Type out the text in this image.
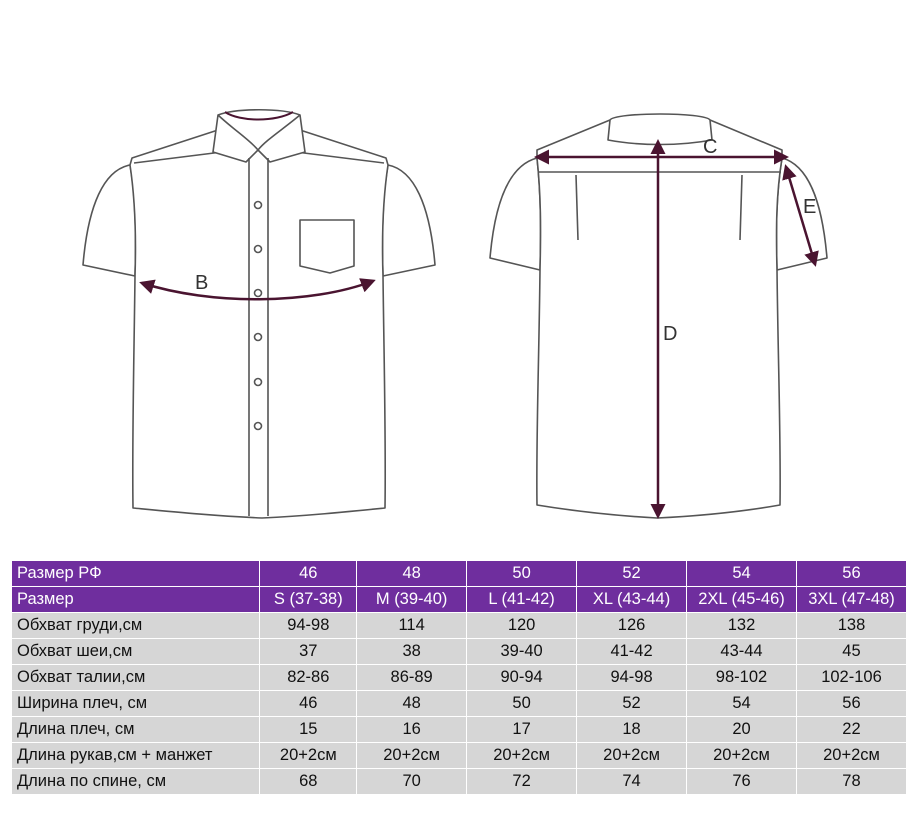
B
C
D
E
Размер РФ	46	48	50	52	54	56
Размер	S (37-38)	M (39-40)	L (41-42)	XL (43-44)	2XL (45-46)	3XL (47-48)
Обхват груди,см	94-98	114	120	126	132	138
Обхват шеи,см	37	38	39-40	41-42	43-44	45
Обхват талии,см	82-86	86-89	90-94	94-98	98-102	102-106
Ширина плеч, см	46	48	50	52	54	56
Длина плеч, см	15	16	17	18	20	22
Длина рукав,см + манжет	20+2см	20+2см	20+2см	20+2см	20+2см	20+2см
Длина по спине, см	68	70	72	74	76	78
